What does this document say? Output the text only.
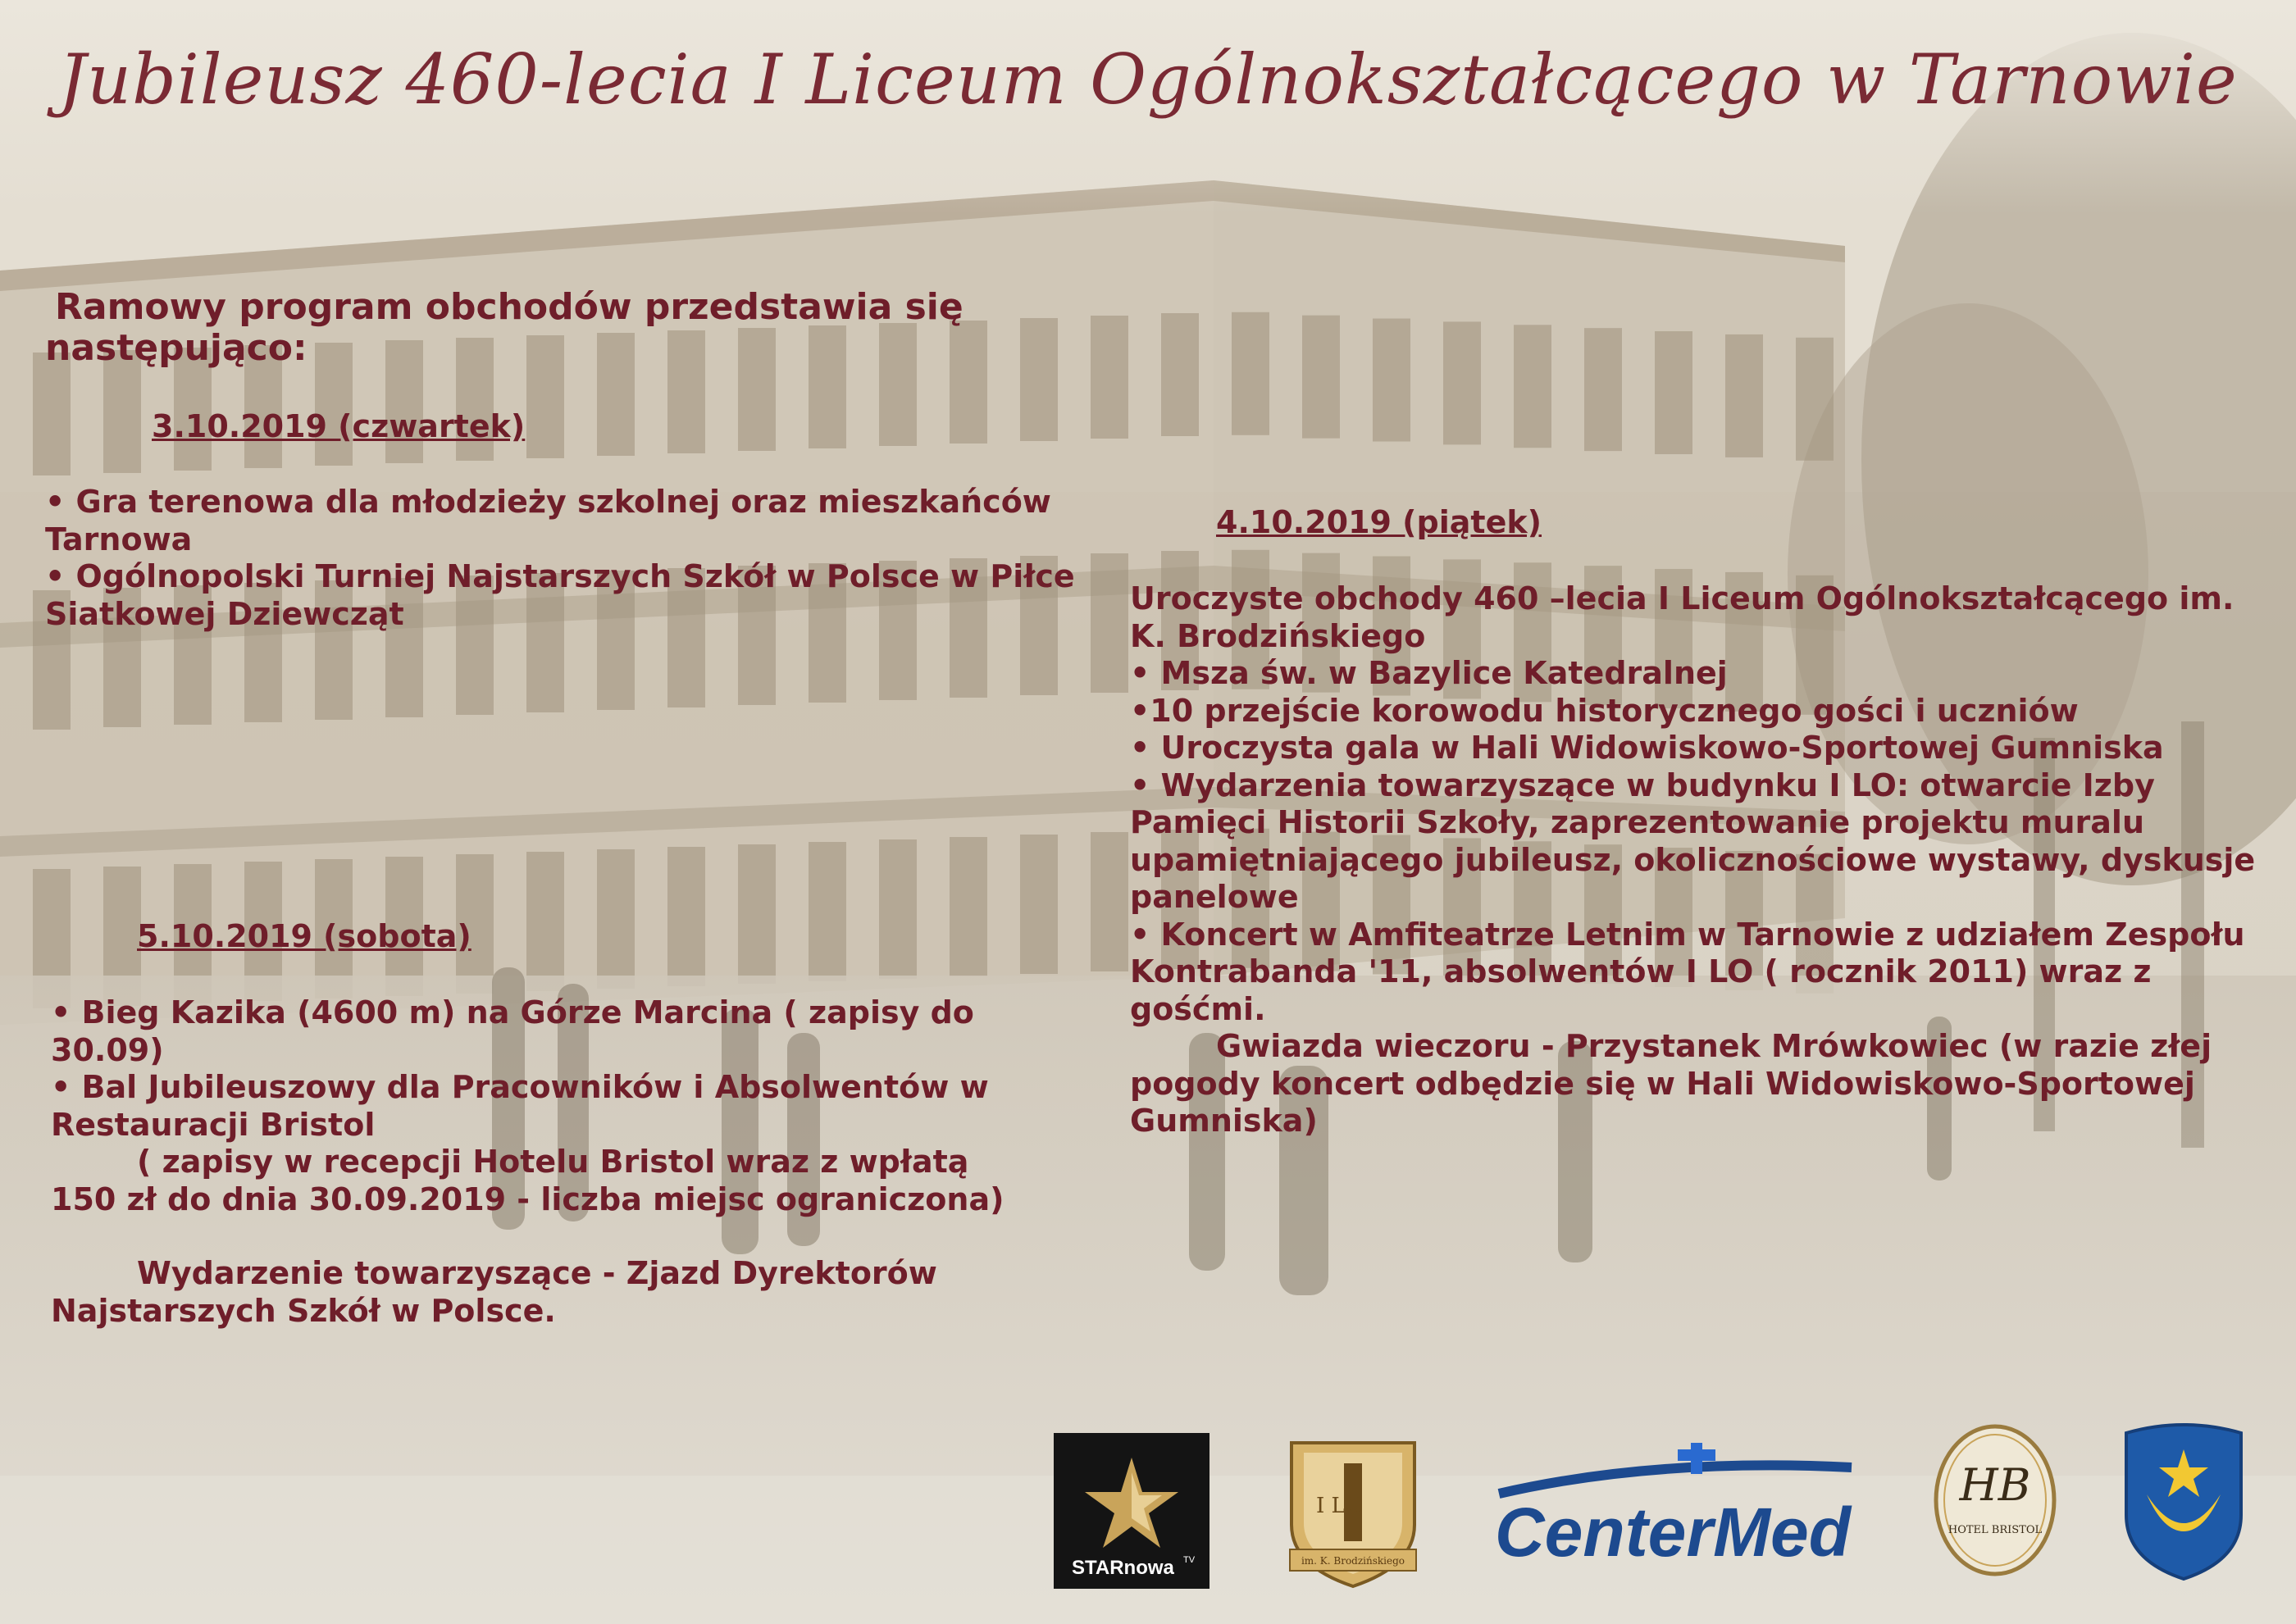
Jubileusz 460-lecia I Liceum Ogólnokształcącego w Tarnowie

Ramowy program obchodów przedstawia się następująco:

3.10.2019 (czwartek)

• Gra terenowa dla młodzieży szkolnej oraz mieszkańców Tarnowa

• Ogólnopolski Turniej Najstarszych Szkół w Polsce w Piłce Siatkowej Dziewcząt

5.10.2019 (sobota)

• Bieg Kazika (4600 m) na Górze Marcina ( zapisy do 30.09)

• Bal Jubileuszowy dla Pracowników i Absolwentów w Restauracji Bristol

( zapisy w recepcji Hotelu Bristol wraz z wpłatą 150 zł do dnia 30.09.2019 - liczba miejsc ograniczona)

Wydarzenie towarzyszące - Zjazd Dyrektorów Najstarszych Szkół w Polsce.

4.10.2019 (piątek)

Uroczyste obchody 460 –lecia I Liceum Ogólnokształcącego im. K. Brodzińskiego

• Msza św. w Bazylice Katedralnej

•10 przejście korowodu historycznego gości i uczniów

• Uroczysta gala w Hali Widowiskowo-Sportowej Gumniska

• Wydarzenia towarzyszące w budynku I LO: otwarcie Izby Pamięci Historii Szkoły, zaprezentowanie projektu muralu upamiętniającego jubileusz, okolicznościowe wystawy, dyskusje panelowe

• Koncert w Amfiteatrze Letnim w Tarnowie z udziałem Zespołu Kontrabanda '11, absolwentów I LO ( rocznik 2011) wraz z gośćmi.

Gwiazda wieczoru - Przystanek Mrówkowiec (w razie złej pogody koncert odbędzie się w Hali Widowiskowo-Sportowej Gumniska)

STARnowa TV
I LO
im. K. Brodzińskiego CenterMed
HB
HOTEL BRISTOL
